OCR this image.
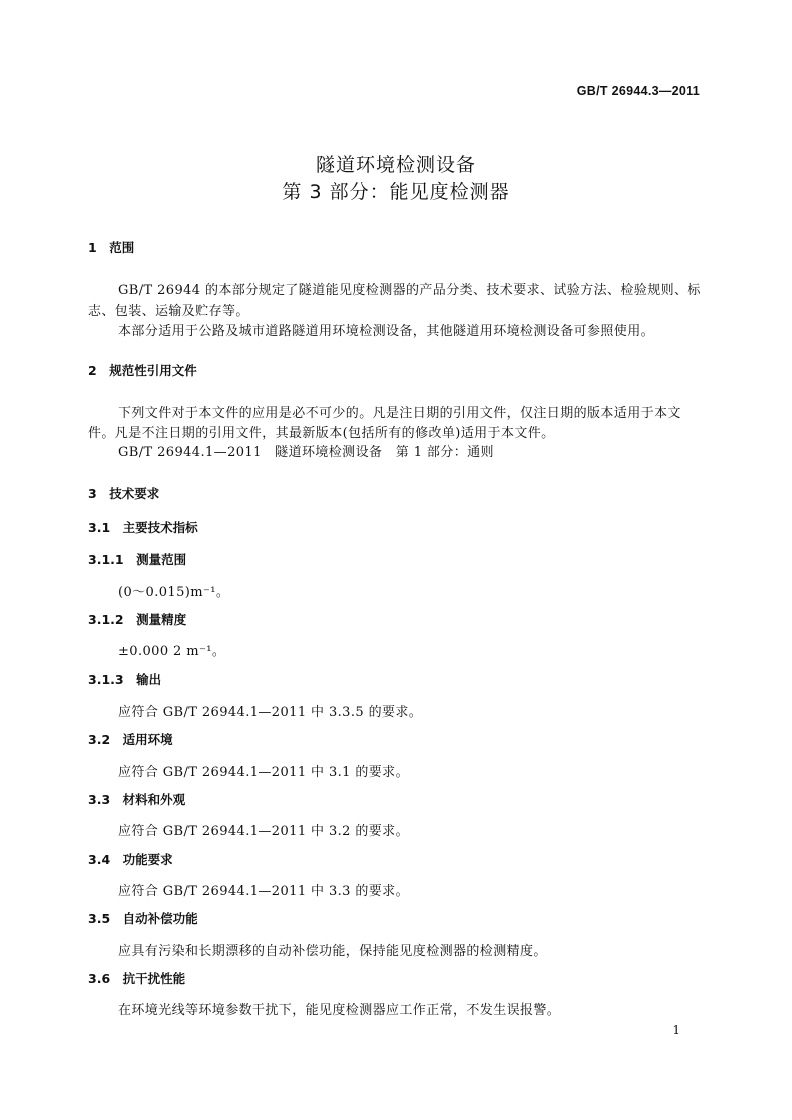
GB/T 26944.3—2011
隧道环境检测设备
第 3 部分：能见度检测器
1　范围
GB/T 26944 的本部分规定了隧道能见度检测器的产品分类、技术要求、试验方法、检验规则、标
志、包装、运输及贮存等。
本部分适用于公路及城市道路隧道用环境检测设备，其他隧道用环境检测设备可参照使用。
2　规范性引用文件
下列文件对于本文件的应用是必不可少的。凡是注日期的引用文件，仅注日期的版本适用于本文
件。凡是不注日期的引用文件，其最新版本(包括所有的修改单)适用于本文件。
GB/T 26944.1—2011　隧道环境检测设备　第 1 部分：通则
3　技术要求
3.1　主要技术指标
3.1.1　测量范围
(0～0.015)m⁻¹。
3.1.2　测量精度
±0.000 2 m⁻¹。
3.1.3　输出
应符合 GB/T 26944.1—2011 中 3.3.5 的要求。
3.2　适用环境
应符合 GB/T 26944.1—2011 中 3.1 的要求。
3.3　材料和外观
应符合 GB/T 26944.1—2011 中 3.2 的要求。
3.4　功能要求
应符合 GB/T 26944.1—2011 中 3.3 的要求。
3.5　自动补偿功能
应具有污染和长期漂移的自动补偿功能，保持能见度检测器的检测精度。
3.6　抗干扰性能
在环境光线等环境参数干扰下，能见度检测器应工作正常，不发生误报警。
1
